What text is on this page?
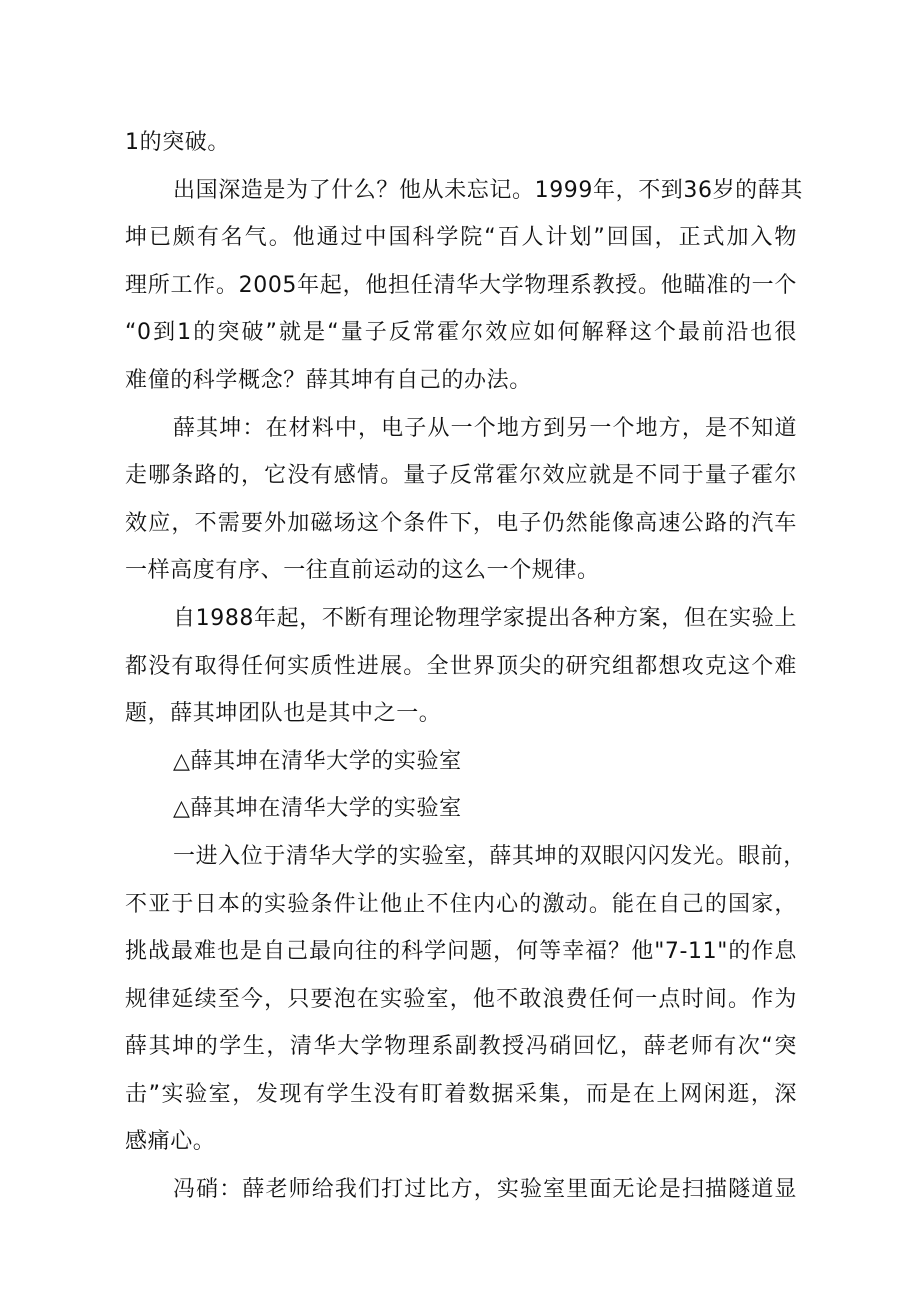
1的突破。
出国深造是为了什么？他从未忘记。1999年，不到36岁的薛其
坤已颇有名气。他通过中国科学院“百人计划”回国，正式加入物
理所工作。2005年起，他担任清华大学物理系教授。他瞄准的一个
“0到1的突破”就是“量子反常霍尔效应如何解释这个最前沿也很
难僮的科学概念？薛其坤有自己的办法。
薛其坤：在材料中，电子从一个地方到另一个地方，是不知道
走哪条路的，它没有感情。量子反常霍尔效应就是不同于量子霍尔
效应，不需要外加磁场这个条件下，电子仍然能像高速公路的汽车
一样高度有序、一往直前运动的这么一个规律。
自1988年起，不断有理论物理学家提出各种方案，但在实验上
都没有取得任何实质性进展。全世界顶尖的研究组都想攻克这个难
题，薛其坤团队也是其中之一。
△薛其坤在清华大学的实验室
△薛其坤在清华大学的实验室
一进入位于清华大学的实验室，薛其坤的双眼闪闪发光。眼前，
不亚于日本的实验条件让他止不住内心的激动。能在自己的国家，
挑战最难也是自己最向往的科学问题，何等幸福？他"7-11"的作息
规律延续至今，只要泡在实验室，他不敢浪费任何一点时间。作为
薛其坤的学生，清华大学物理系副教授冯硝回忆，薛老师有次“突
击”实验室，发现有学生没有盯着数据采集，而是在上网闲逛，深
感痛心。
冯硝：薛老师给我们打过比方，实验室里面无论是扫描隧道显
